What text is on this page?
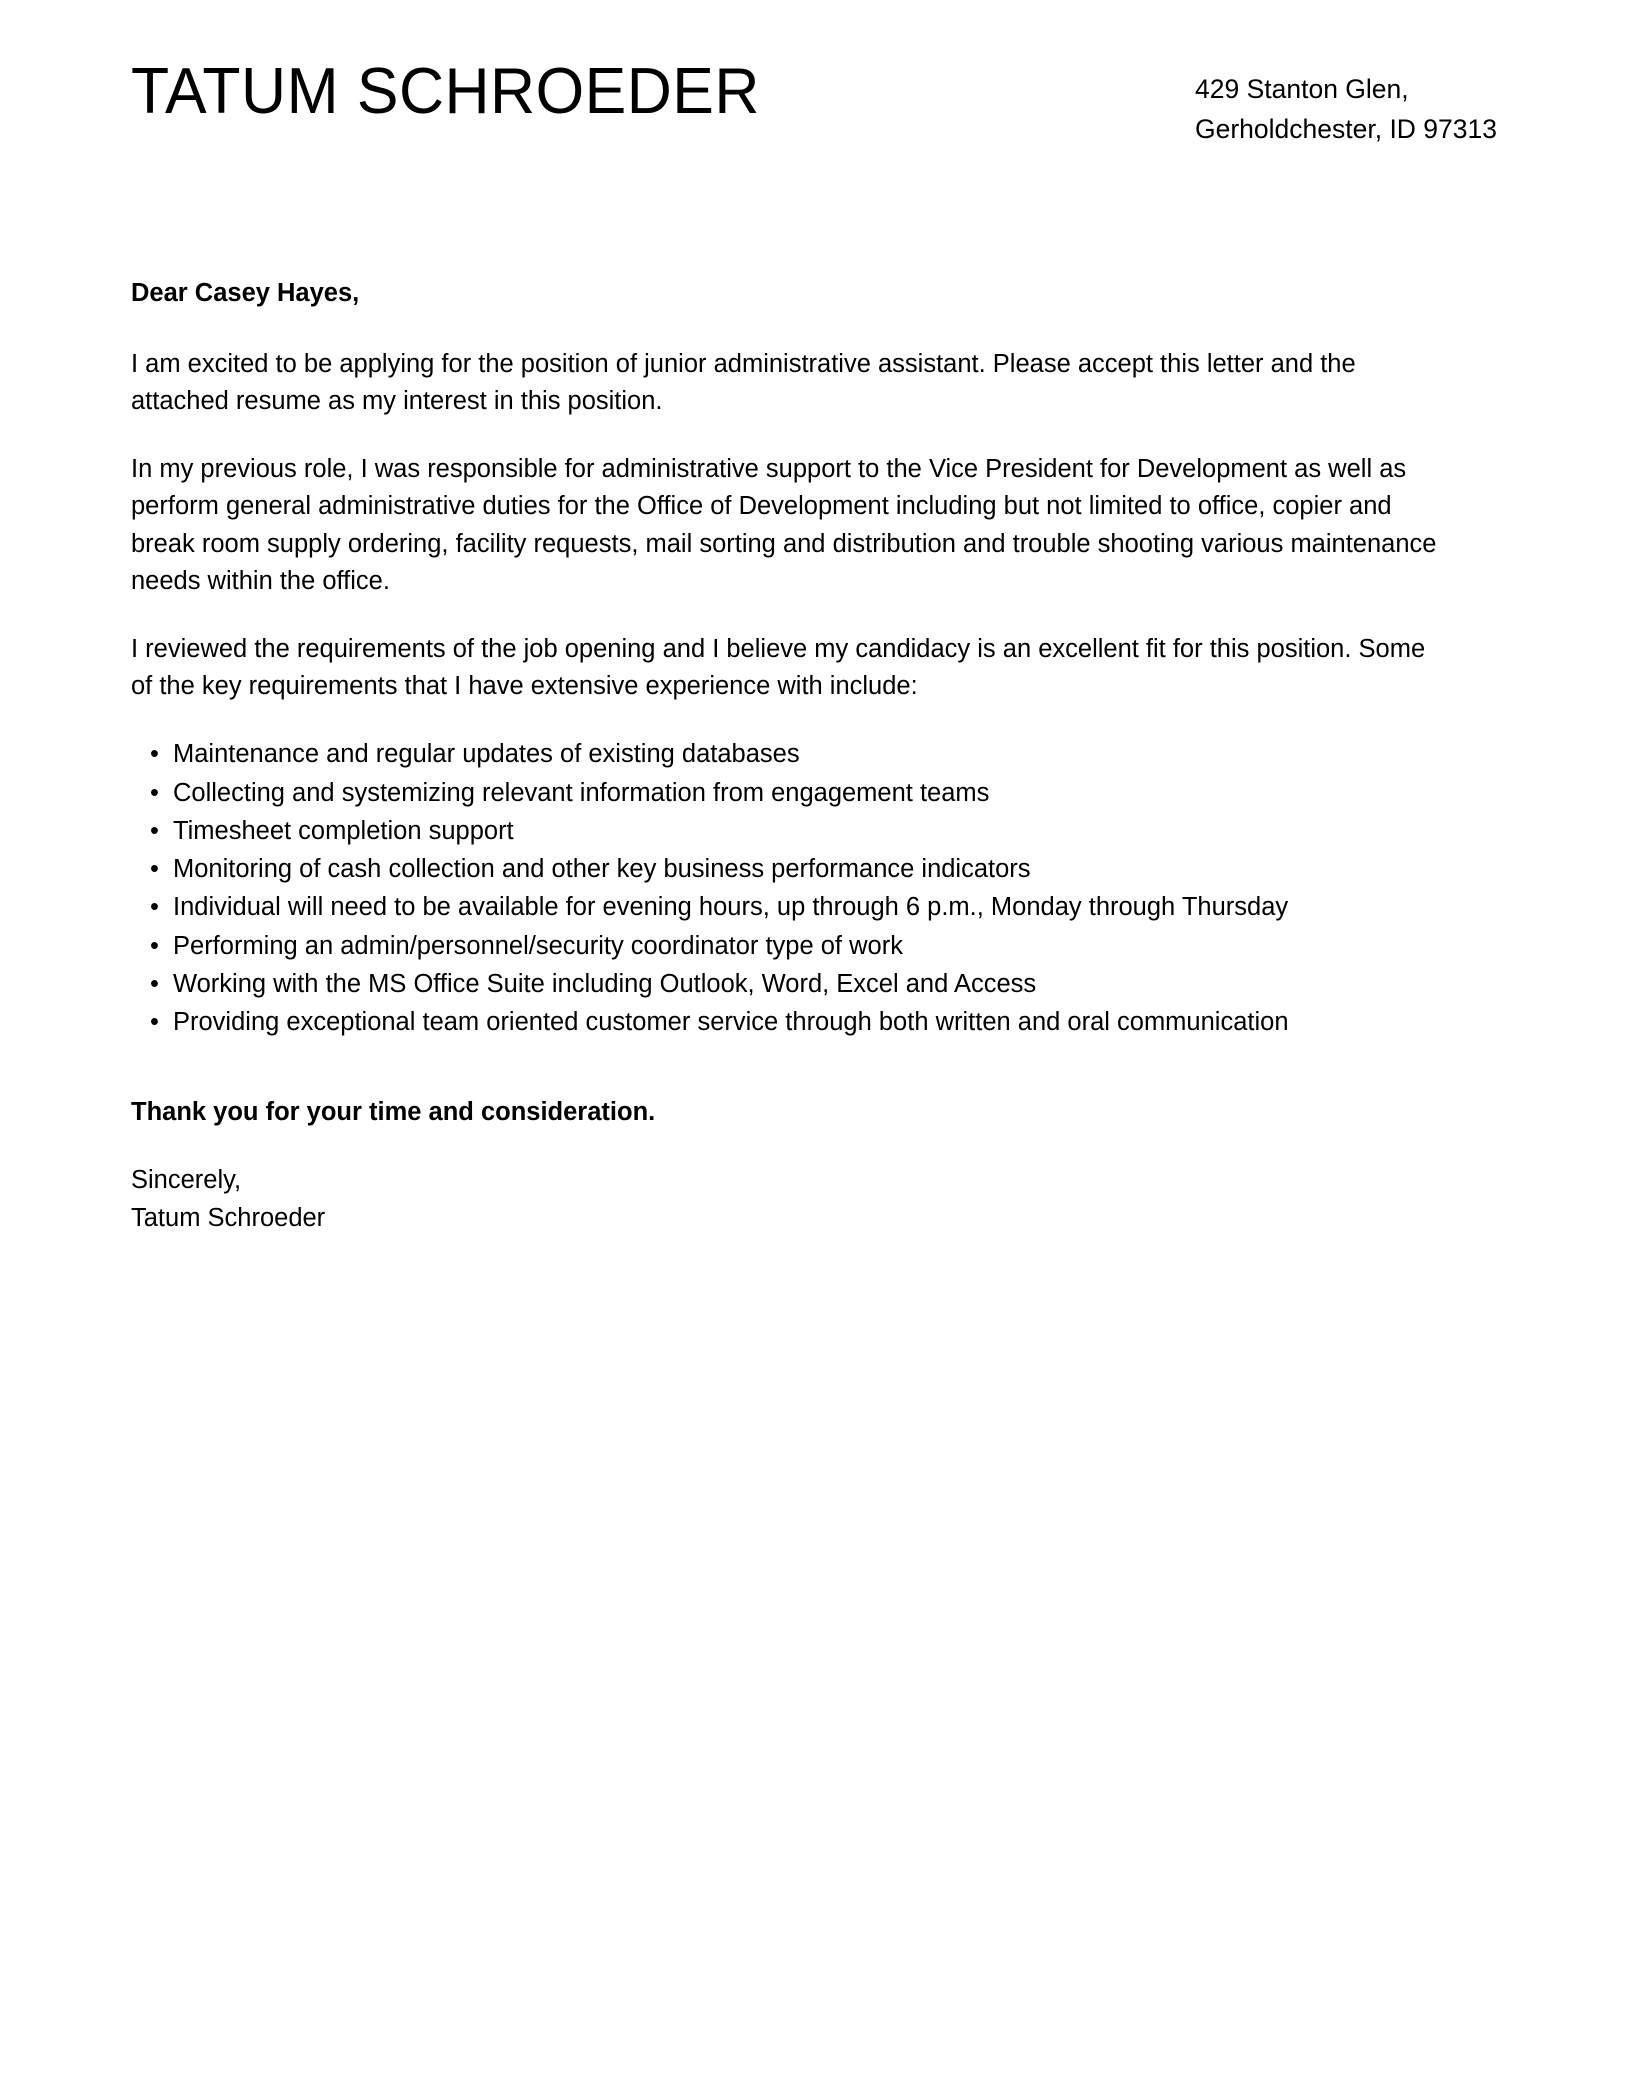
TATUM SCHROEDER	429 Stanton Glen,
Gerholdchester, ID 97313

Dear Casey Hayes,

I am excited to be applying for the position of junior administrative assistant. Please accept this letter and the attached resume as my interest in this position.

In my previous role, I was responsible for administrative support to the Vice President for Development as well as perform general administrative duties for the Office of Development including but not limited to office, copier and break room supply ordering, facility requests, mail sorting and distribution and trouble shooting various maintenance needs within the office.

I reviewed the requirements of the job opening and I believe my candidacy is an excellent fit for this position. Some of the key requirements that I have extensive experience with include:

• Maintenance and regular updates of existing databases
• Collecting and systemizing relevant information from engagement teams
• Timesheet completion support
• Monitoring of cash collection and other key business performance indicators
• Individual will need to be available for evening hours, up through 6 p.m., Monday through Thursday
• Performing an admin/personnel/security coordinator type of work
• Working with the MS Office Suite including Outlook, Word, Excel and Access
• Providing exceptional team oriented customer service through both written and oral communication

Thank you for your time and consideration.

Sincerely,
Tatum Schroeder
